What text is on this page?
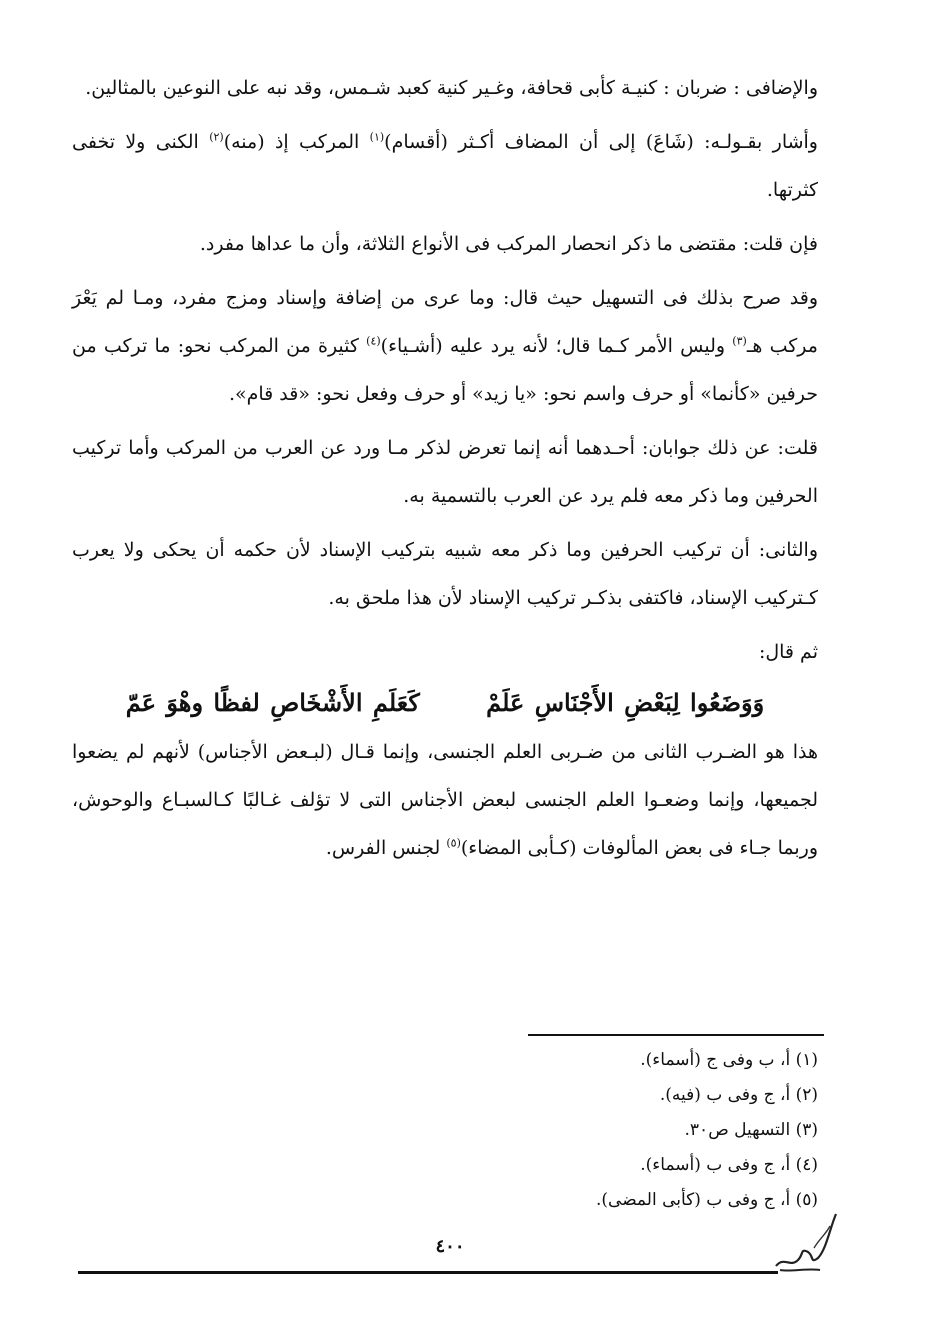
والإضافى : ضربان : كنيـة كأبى قحافة، وغـير كنية كعبد شـمس، وقد نبه على النوعين بالمثالين.

وأشار بقـولـه: (شَاعَ) إلى أن المضاف أكـثر (أقسام)$^{(١)}$ المركب إذ (منه)$^{(٢)}$ الكنى ولا تخفى كثرتها.

فإن قلت: مقتضى ما ذكر انحصار المركب فى الأنواع الثلاثة، وأن ما عداها مفرد.

وقد صرح بذلك فى التسهيل حيث قال: وما عرى من إضافة وإسناد ومزج مفرد، ومـا لم يَعْرَ مركب هـ$^{(٣)}$ وليس الأمر كـما قال؛ لأنه يرد عليه (أشـياء)$^{(٤)}$ كثيرة من المركب نحو: ما تركب من حرفين «كأنما» أو حرف واسم نحو: «يا زيد» أو حرف وفعل نحو: «قد قام».

قلت: عن ذلك جوابان: أحـدهما أنه إنما تعرض لذكر مـا ورد عن العرب من المركب وأما تركيب الحرفين وما ذكر معه فلم يرد عن العرب بالتسمية به.

والثانى: أن تركيب الحرفين وما ذكر معه شبيه بتركيب الإسناد لأن حكمه أن يحكى ولا يعرب كـتركيب الإسناد، فاكتفى بذكـر تركيب الإسناد لأن هذا ملحق به.

ثم قال:

وَوَضَعُوا لِبَعْضِ الأَجْنَاسِ عَلَمْ كَعَلَمِ الأَشْخَاصِ لفظًا وهْوَ عَمّ

هذا هو الضـرب الثانى من ضـربى العلم الجنسى، وإنما قـال (لبـعض الأجناس) لأنهم لم يضعوا لجميعها، وإنما وضعـوا العلم الجنسى لبعض الأجناس التى لا تؤلف غـالبًا كـالسبـاع والوحوش، وربما جـاء فى بعض المألوفات (كـأبى المضاء)$^{(٥)}$ لجنس الفرس.

(١) أ، ب وفى ج (أسماء).
(٢) أ، ج وفى ب (فيه).
(٣) التسهيل ص٣٠.
(٤) أ، ج وفى ب (أسماء).
(٥) أ، ج وفى ب (كأبى المضى).
٤٠٠
